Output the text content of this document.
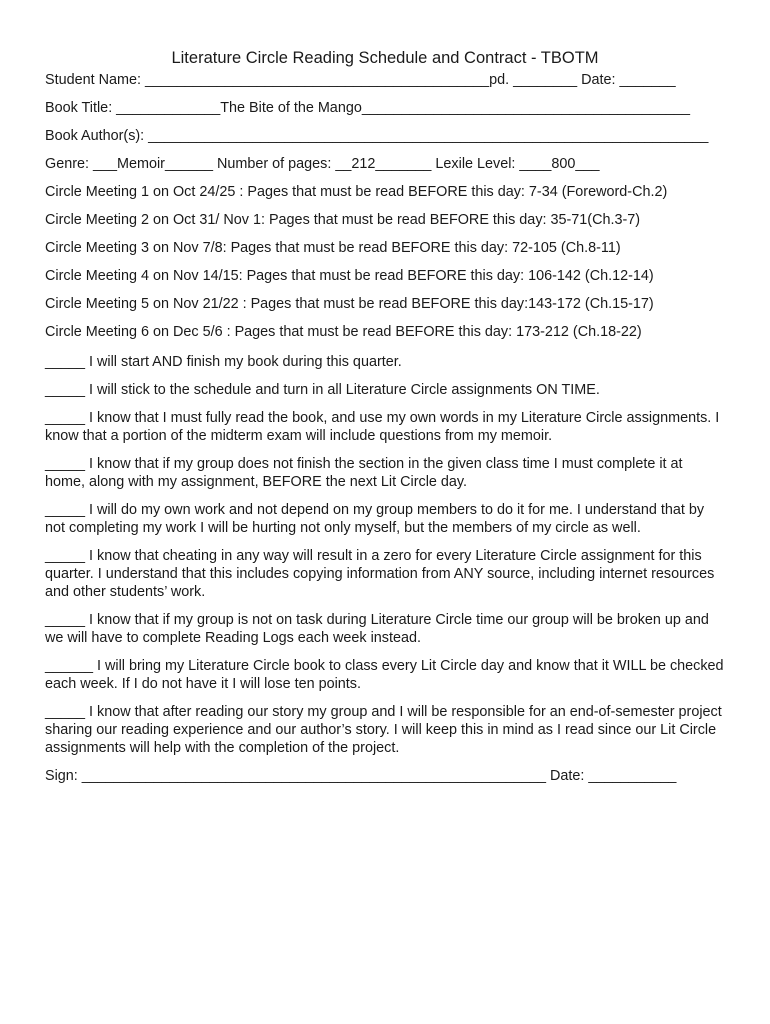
Literature Circle Reading Schedule and Contract - TBOTM
Student Name: ___________________________________________pd. ________ Date: _______
Book Title: _____________The Bite of the Mango_________________________________________
Book Author(s): ______________________________________________________________________
Genre: ___Memoir______ Number of pages: __212_______ Lexile Level: ____800___
Circle Meeting 1 on Oct 24/25 : Pages that must be read BEFORE this day: 7-34 (Foreword-Ch.2)
Circle Meeting 2 on Oct 31/ Nov 1: Pages that must be read BEFORE this day: 35-71(Ch.3-7)
Circle Meeting 3 on Nov 7/8: Pages that must be read BEFORE this day: 72-105 (Ch.8-11)
Circle Meeting 4 on Nov 14/15: Pages that must be read BEFORE this day: 106-142 (Ch.12-14)
Circle Meeting 5 on Nov 21/22 : Pages that must be read BEFORE this day:143-172 (Ch.15-17)
Circle Meeting 6 on Dec 5/6 : Pages that must be read BEFORE this day: 173-212 (Ch.18-22)
_____ I will start AND finish my book during this quarter.
_____ I will stick to the schedule and turn in all Literature Circle assignments ON TIME.
_____ I know that I must fully read the book, and use my own words in my Literature Circle assignments. I know that a portion of the midterm exam will include questions from my memoir.
_____ I know that if my group does not finish the section in the given class time I must complete it at home, along with my assignment, BEFORE the next Lit Circle day.
_____ I will do my own work and not depend on my group members to do it for me. I understand that by not completing my work I will be hurting not only myself, but the members of my circle as well.
_____ I know that cheating in any way will result in a zero for every Literature Circle assignment for this quarter. I understand that this includes copying information from ANY source, including internet resources and other students’ work.
_____ I know that if my group is not on task during Literature Circle time our group will be broken up and we will have to complete Reading Logs each week instead.
______ I will bring my Literature Circle book to class every Lit Circle day and know that it WILL be checked each week. If I do not have it I will lose ten points.
_____ I know that after reading our story my group and I will be responsible for an end-of-semester project sharing our reading experience and our author’s story. I will keep this in mind as I read since our Lit Circle assignments will help with the completion of the project.
Sign: __________________________________________________________ Date: ___________
